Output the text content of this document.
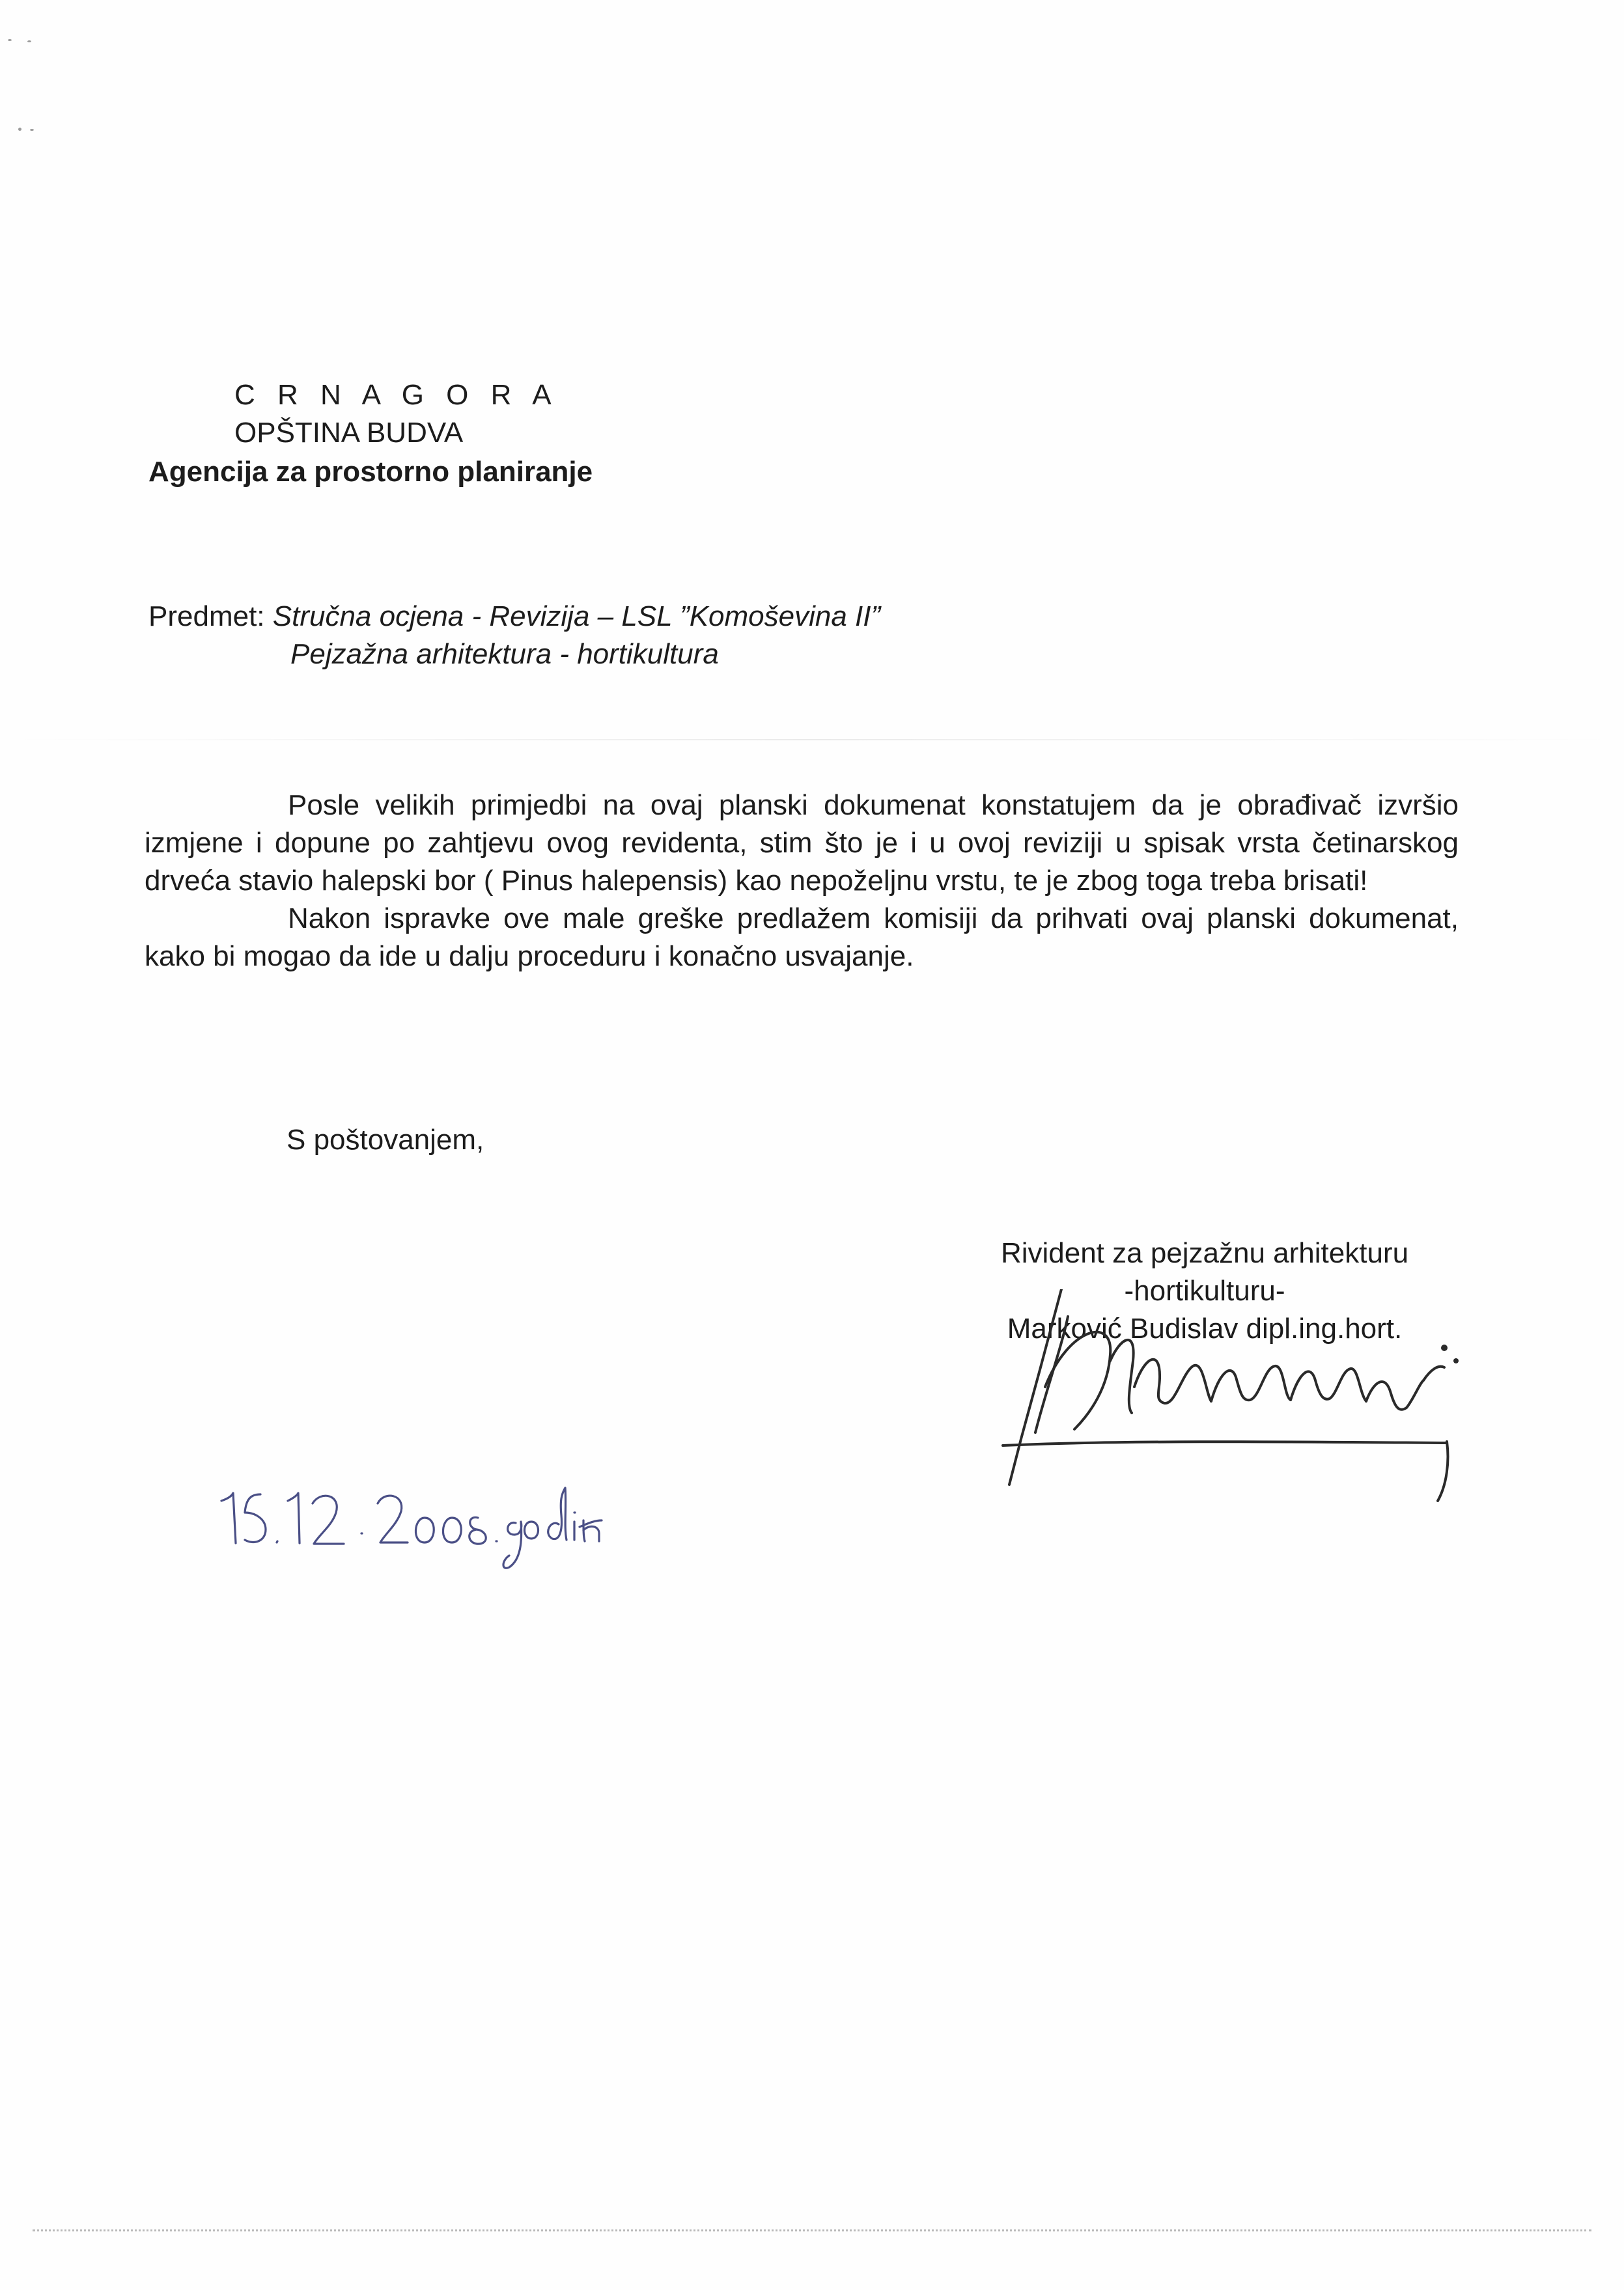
C R N A G O R A
OPŠTINA BUDVA
Agencija za prostorno planiranje
Predmet: Stručna ocjena - Revizija – LSL ”Komoševina II”
Pejzažna arhitektura - hortikultura

Posle velikih primjedbi na ovaj planski dokumenat konstatujem da je obrađivač izvršio izmjene i dopune po zahtjevu ovog revidenta, stim što je i u ovoj reviziji u spisak vrsta četinarskog drveća stavio halepski bor ( Pinus halepensis) kao nepoželjnu vrstu, te je zbog toga treba brisati!

Nakon ispravke ove male greške predlažem komisiji da prihvati ovaj planski dokumenat, kako bi mogao da ide u dalju proceduru i konačno usvajanje.

S poštovanjem,
Rivident za pejzažnu arhitekturu
-hortikulturu-
Marković Budislav dipl.ing.hort.
